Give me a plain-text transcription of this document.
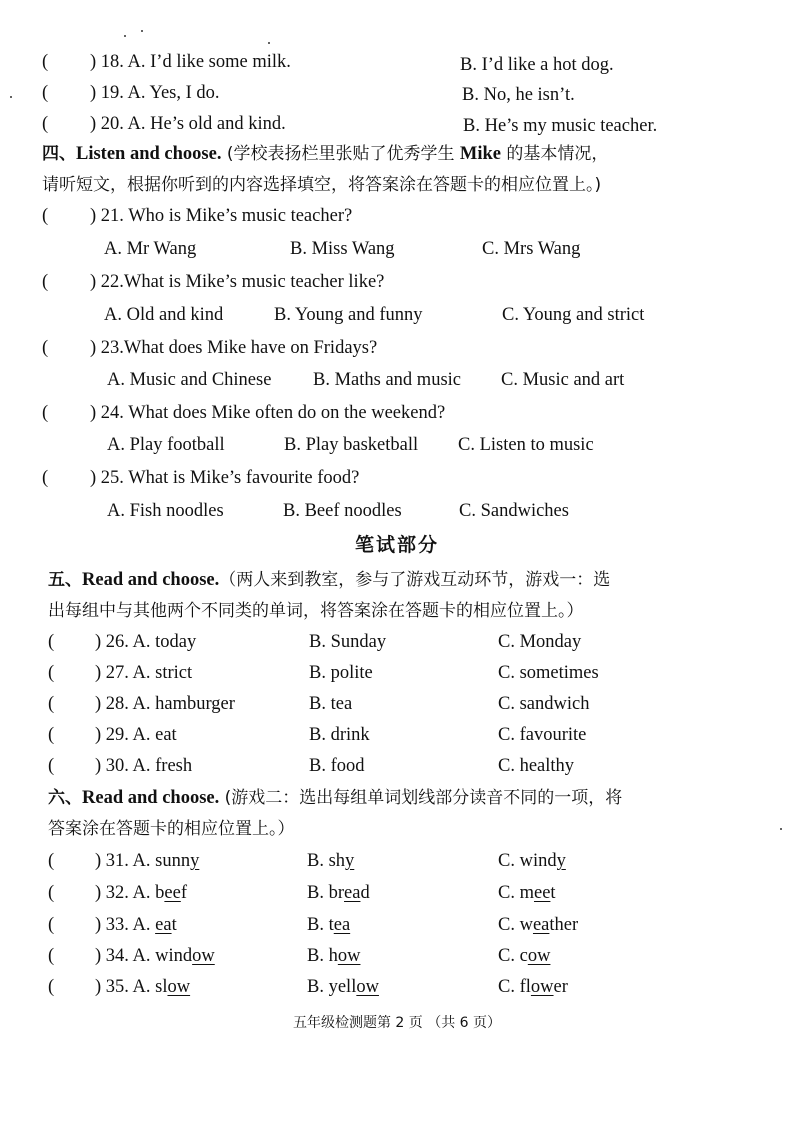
( ) 18. A. I’d like some milk.	B. I’d like a hot dog.
( ) 19. A. Yes, I do.	B. No, he isn’t.
( ) 20. A. He’s old and kind.	B. He’s my music teacher.
四、Listen and choose. (学校表扬栏里张贴了优秀学生 Mike 的基本情况，
请听短文，根据你听到的内容选择填空，将答案涂在答题卡的相应位置上。)
( ) 21. Who is Mike’s music teacher?
A. Mr Wang	B. Miss Wang	C. Mrs Wang
( ) 22.What is Mike’s music teacher like?
A. Old and kind	B. Young and funny	C. Young and strict
( ) 23.What does Mike have on Fridays?
A. Music and Chinese B. Maths and music C. Music and art
( ) 24. What does Mike often do on the weekend?
A. Play football	B. Play basketball C. Listen to music
( ) 25. What is Mike’s favourite food?
A. Fish noodles	B. Beef noodles	C. Sandwiches
笔试部分
五、Read and choose.（两人来到教室，参与了游戏互动环节，游戏一：选
出每组中与其他两个不同类的单词，将答案涂在答题卡的相应位置上。）
( ) 26. A. today	B. Sunday	C. Monday
( ) 27. A. strict	B. polite	C. sometimes
( ) 28. A. hamburger	B. tea	C. sandwich
( ) 29. A. eat	B. drink	C. favourite
( ) 30. A. fresh	B. food	C. healthy
六、Read and choose. (游戏二：选出每组单词划线部分读音不同的一项，将
答案涂在答题卡的相应位置上。）
( ) 31. A. sunny	B. shy	C. windy
( ) 32. A. beef	B. bread	C. meet
( ) 33. A. eat	B. tea	C. weather
( ) 34. A. window	B. how	C. cow
( ) 35. A. slow	B. yellow	C. flower
五年级检测题第 2 页 （共 6 页）
